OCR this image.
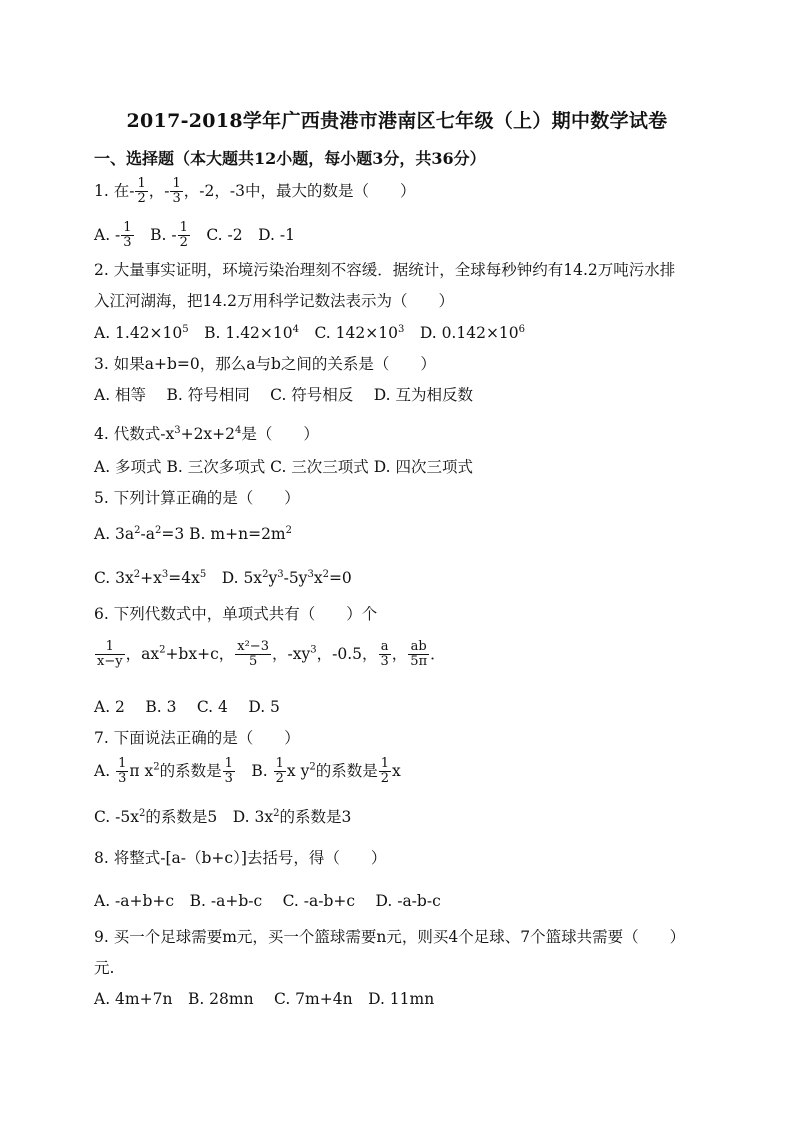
2017-2018学年广西贵港市港南区七年级（上）期中数学试卷
一、选择题（本大题共12小题，每小题3分，共36分）
1. 在- $\frac{1}{2}$ ，- $\frac{1}{3}$ ，-2，-3中，最大的数是（　　）
A. - $\frac{1}{3}$ 　B. - $\frac{1}{2}$ 　C. -2　D. -1
2. 大量事实证明，环境污染治理刻不容缓．据统计，全球每秒钟约有14.2万吨污水排
入江河湖海，把14.2万用科学记数法表示为（　　）
A. $1.42\times 10^5$　B. $1.42\times 10^4$　C. $142\times 10^3$　D. $0.142\times 10^6$
3. 如果a+b=0，那么a与b之间的关系是（　　）
A. 相等　 B. 符号相同　 C. 符号相反　 D. 互为相反数
4. 代数式$-x^3+2x+2^4$是（　　）
A. 多项式 B. 三次多项式 C. 三次三项式 D. 四次三项式
5. 下列计算正确的是（　　）
A. $3a^2-a^2=3$ B. $m+n=2m^2$
C. $3x^2+x^3=4x^5$　D. $5x^2y^3-5y^3x^2=0$
6. 下列代数式中，单项式共有（　　）个
$\frac{1}{x-y}$ ，$ax^2+bx+c$， $\frac{\text{x²−3}}{5}$ ，$-xy^3$，-0.5， $\frac{a}{3}$ ， $\frac{ab}{5\pi}$ ．
A. 2　 B. 3　 C. 4　 D. 5
7. 下面说法正确的是（　　）
A. $\frac{1}{3}$ π $x^2$的系数是 $\frac{1}{3}$ 　B. $\frac{1}{2}$ x $y^2$的系数是 $\frac{1}{2}$ x
C. $-5x^2$的系数是5　D. $3x^2$的系数是3
8. 将整式-[a-（b+c）]去括号，得（　　）
A. -a+b+c　B. -a+b-c　 C. -a-b+c　 D. -a-b-c
9. 买一个足球需要m元，买一个篮球需要n元，则买4个足球、7个篮球共需要（　　）
元.
A. 4m+7n　B. 28mn　 C. 7m+4n　D. 11mn
